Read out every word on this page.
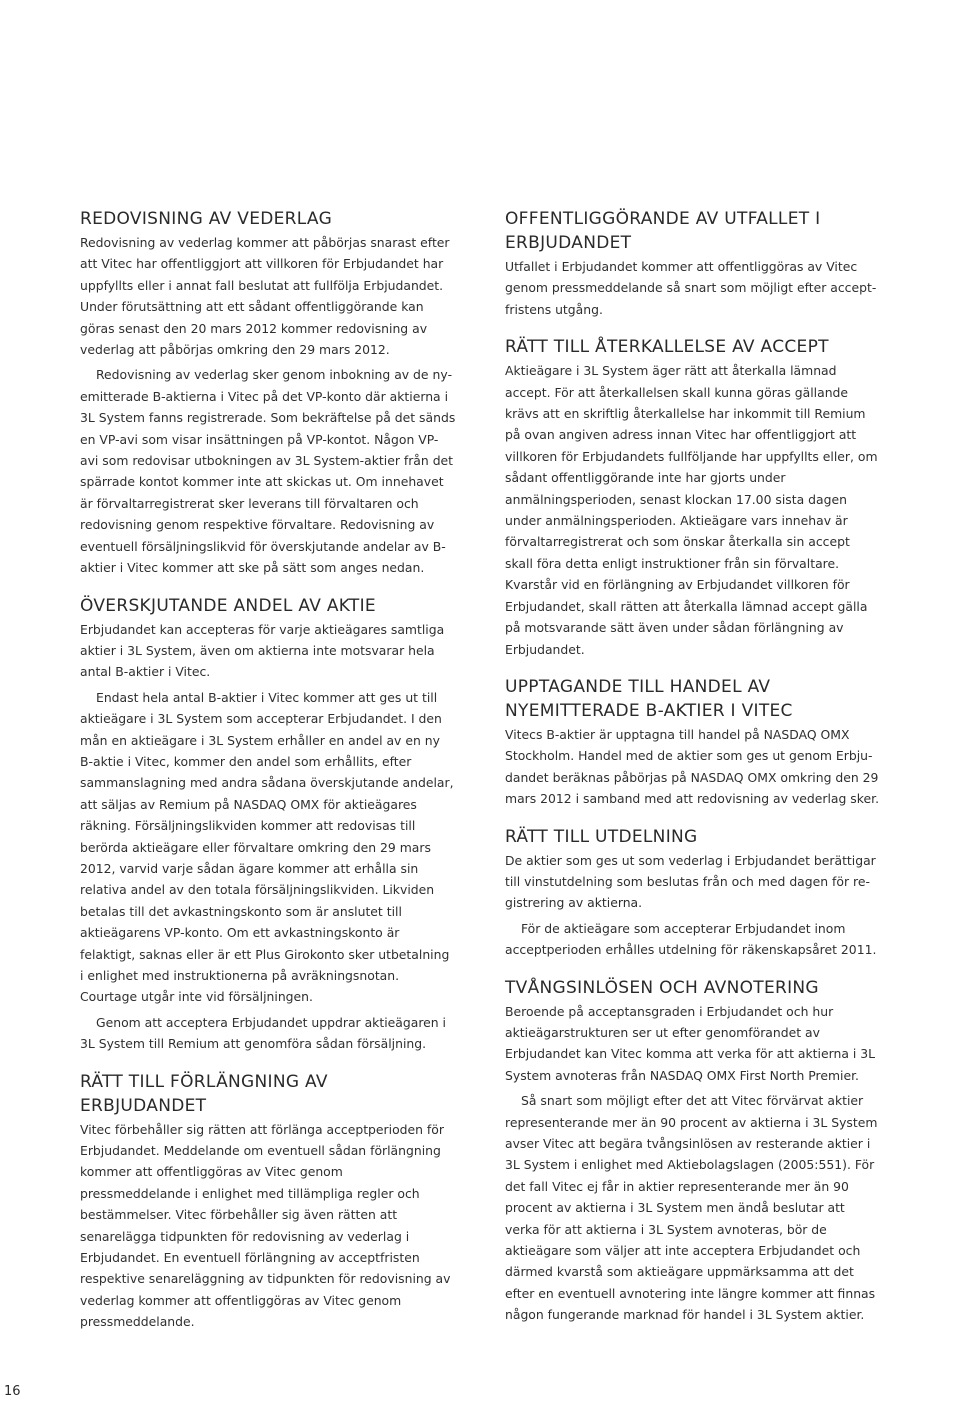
REDOVISNING AV VEDERLAG

Redovisning av vederlag kommer att påbörjas snarast efter att Vitec har offentliggjort att villkoren för Erbjudandet har uppfyllts eller i annat fall beslutat att fullfölja Erbjudandet. Under förutsättning att ett sådant offentliggörande kan göras senast den 20 mars 2012 kommer redovisning av vederlag att påbörjas omkring den 29 mars 2012.

Redovisning av vederlag sker genom inbokning av de nyemitterade B-aktierna i Vitec på det VP-konto där aktierna i 3L System fanns registrerade. Som bekräftelse på det sänds en VP-avi som visar insättningen på VP-kontot. Någon VP-avi som redovisar utbokningen av 3L System-aktier från det spärrade kontot kommer inte att skickas ut. Om innehavet är förvaltarregistrerat sker leverans till förvaltaren och redovisning genom respektive förvaltare. Redovisning av eventuell försäljningslikvid för överskjutande andelar av B-aktier i Vitec kommer att ske på sätt som anges nedan.

ÖVERSKJUTANDE ANDEL AV AKTIE

Erbjudandet kan accepteras för varje aktieägares samtliga aktier i 3L System, även om aktierna inte motsvarar hela antal B-aktier i Vitec.

Endast hela antal B-aktier i Vitec kommer att ges ut till aktieägare i 3L System som accepterar Erbjudandet. I den mån en aktieägare i 3L System erhåller en andel av en ny B-aktie i Vitec, kommer den andel som erhållits, efter sammanslagning med andra sådana överskjutande andelar, att säljas av Remium på NASDAQ OMX för aktieägares räkning. Försäljningslikviden kommer att redovisas till berörda aktieägare eller förvaltare omkring den 29 mars 2012, varvid varje sådan ägare kommer att erhålla sin relativa andel av den totala försäljningslikviden. Likviden betalas till det avkastningskonto som är anslutet till aktieägarens VP-konto. Om ett avkastningskonto är felaktigt, saknas eller är ett Plus Girokonto sker utbetalning i enlighet med instruktionerna på avräkningsnotan. Courtage utgår inte vid försäljningen.

Genom att acceptera Erbjudandet uppdrar aktieägaren i 3L System till Remium att genomföra sådan försäljning.

RÄTT TILL FÖRLÄNGNING AV ERBJUDANDET

Vitec förbehåller sig rätten att förlänga acceptperioden för Erbjudandet. Meddelande om eventuell sådan förlängning kommer att offentliggöras av Vitec genom pressmeddelande i enlighet med tillämpliga regler och bestämmelser. Vitec förbehåller sig även rätten att senarelägga tidpunkten för redovisning av vederlag i Erbjudandet. En eventuell förlängning av acceptfristen respektive senareläggning av tidpunkten för redovisning av vederlag kommer att offentliggöras av Vitec genom pressmeddelande.

OFFENTLIGGÖRANDE AV UTFALLET I ERBJUDANDET

Utfallet i Erbjudandet kommer att offentliggöras av Vitec genom pressmeddelande så snart som möjligt efter acceptfristens utgång.

RÄTT TILL ÅTERKALLELSE AV ACCEPT

Aktieägare i 3L System äger rätt att återkalla lämnad accept. För att återkallelsen skall kunna göras gällande krävs att en skriftlig återkallelse har inkommit till Remium på ovan angiven adress innan Vitec har offentliggjort att villkoren för Erbjudandets fullföljande har uppfyllts eller, om sådant offentliggörande inte har gjorts under anmälningsperioden, senast klockan 17.00 sista dagen under anmälningsperioden. Aktieägare vars innehav är förvaltarregistrerat och som önskar återkalla sin accept skall föra detta enligt instruktioner från sin förvaltare. Kvarstår vid en förlängning av Erbjudandet villkoren för Erbjudandet, skall rätten att återkalla lämnad accept gälla på motsvarande sätt även under sådan förlängning av Erbjudandet.

UPPTAGANDE TILL HANDEL AV NYEMITTERADE B-AKTIER I VITEC

Vitecs B-aktier är upptagna till handel på NASDAQ OMX Stockholm. Handel med de aktier som ges ut genom Erbjudandet beräknas påbörjas på NASDAQ OMX omkring den 29 mars 2012 i samband med att redovisning av vederlag sker.

RÄTT TILL UTDELNING

De aktier som ges ut som vederlag i Erbjudandet berättigar till vinstutdelning som beslutas från och med dagen för registrering av aktierna.

För de aktieägare som accepterar Erbjudandet inom acceptperioden erhålles utdelning för räkenskapsåret 2011.

TVÅNGSINLÖSEN OCH AVNOTERING

Beroende på acceptansgraden i Erbjudandet och hur aktieägarstrukturen ser ut efter genomförandet av Erbjudandet kan Vitec komma att verka för att aktierna i 3L System avnoteras från NASDAQ OMX First North Premier.

Så snart som möjligt efter det att Vitec förvärvat aktier representerande mer än 90 procent av aktierna i 3L System avser Vitec att begära tvångsinlösen av resterande aktier i 3L System i enlighet med Aktiebolagslagen (2005:551). För det fall Vitec ej får in aktier representerande mer än 90 procent av aktierna i 3L System men ändå beslutar att verka för att aktierna i 3L System avnoteras, bör de aktieägare som väljer att inte acceptera Erbjudandet och därmed kvarstå som aktieägare uppmärksamma att det efter en eventuell avnotering inte längre kommer att finnas någon fungerande marknad för handel i 3L System aktier.

16
